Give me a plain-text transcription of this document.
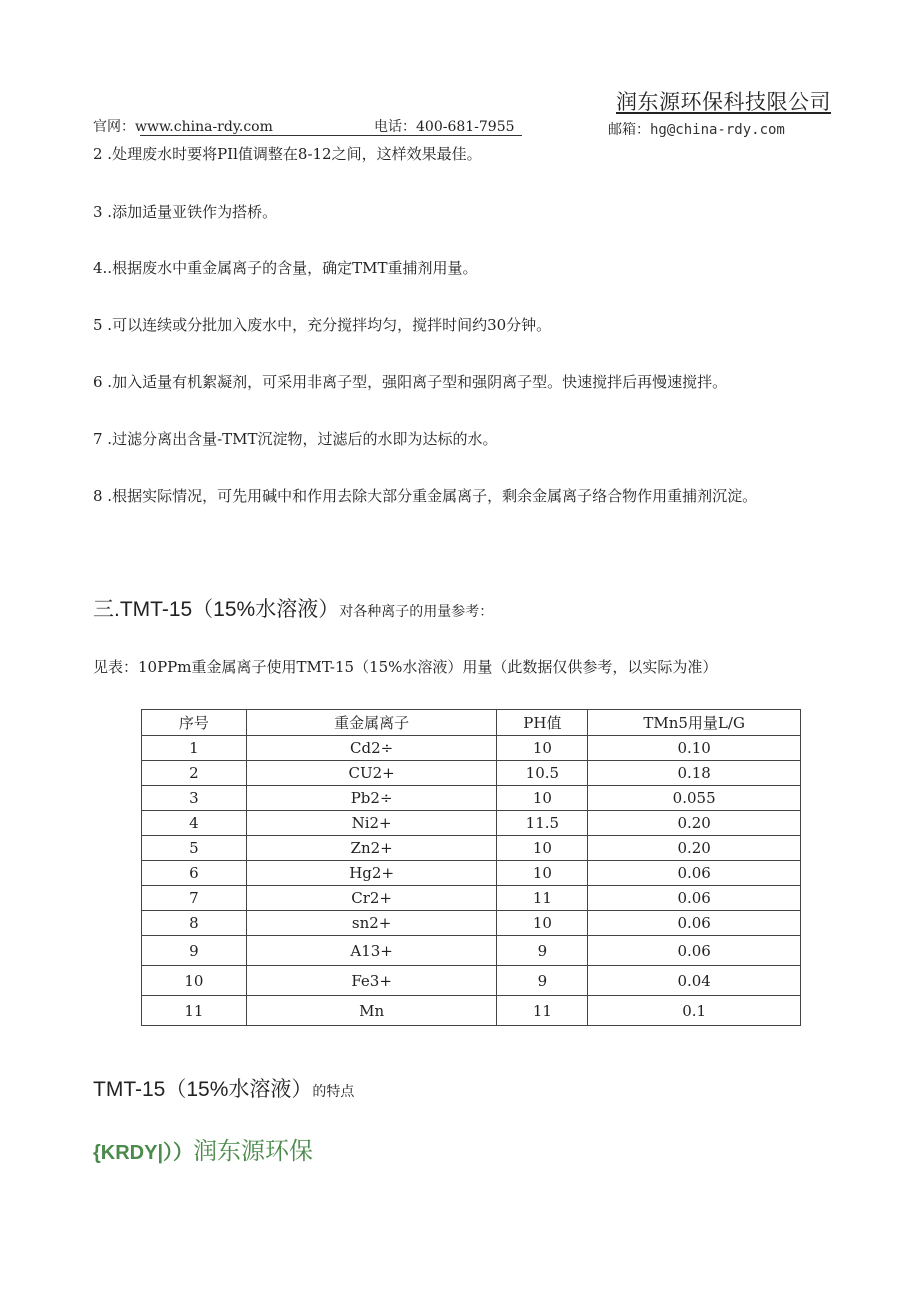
润东源环保科技限公司
官网：www.china-rdy.com	电话：400-681-7955	邮箱：hg@china-rdy.com
2 .处理废水时要将PIl值调整在8-12之间，这样效果最佳。
3 .添加适量亚铁作为搭桥。
4..根据废水中重金属离子的含量，确定TMT重捕剂用量。
5 .可以连续或分批加入废水中，充分搅拌均匀，搅拌时间约30分钟。
6 .加入适量有机絮凝剂，可采用非离子型，强阳离子型和强阴离子型。快速搅拌后再慢速搅拌。
7 .过滤分离出含量-TMT沉淀物，过滤后的水即为达标的水。
8 .根据实际情况，可先用碱中和作用去除大部分重金属离子，剩余金属离子络合物作用重捕剂沉淀。
三.TMT-15（15%水溶液）对各种离子的用量参考：
见表：10PPm重金属离子使用TMT-15（15%水溶液）用量（此数据仅供参考，以实际为准）
序号	重金属离子	PH值	TMn5用量L/G
1	Cd2÷	10	0.10
2	CU2+	10.5	0.18
3	Pb2÷	10	0.055
4	Ni2+	11.5	0.20
5	Zn2+	10	0.20
6	Hg2+	10	0.06
7	Cr2+	11	0.06
8	sn2+	10	0.06
9	A13+	9	0.06
10	Fe3+	9	0.04
11	Mn	11	0.1
TMT-15（15%水溶液）的特点
{KRDY|））润东源环保
